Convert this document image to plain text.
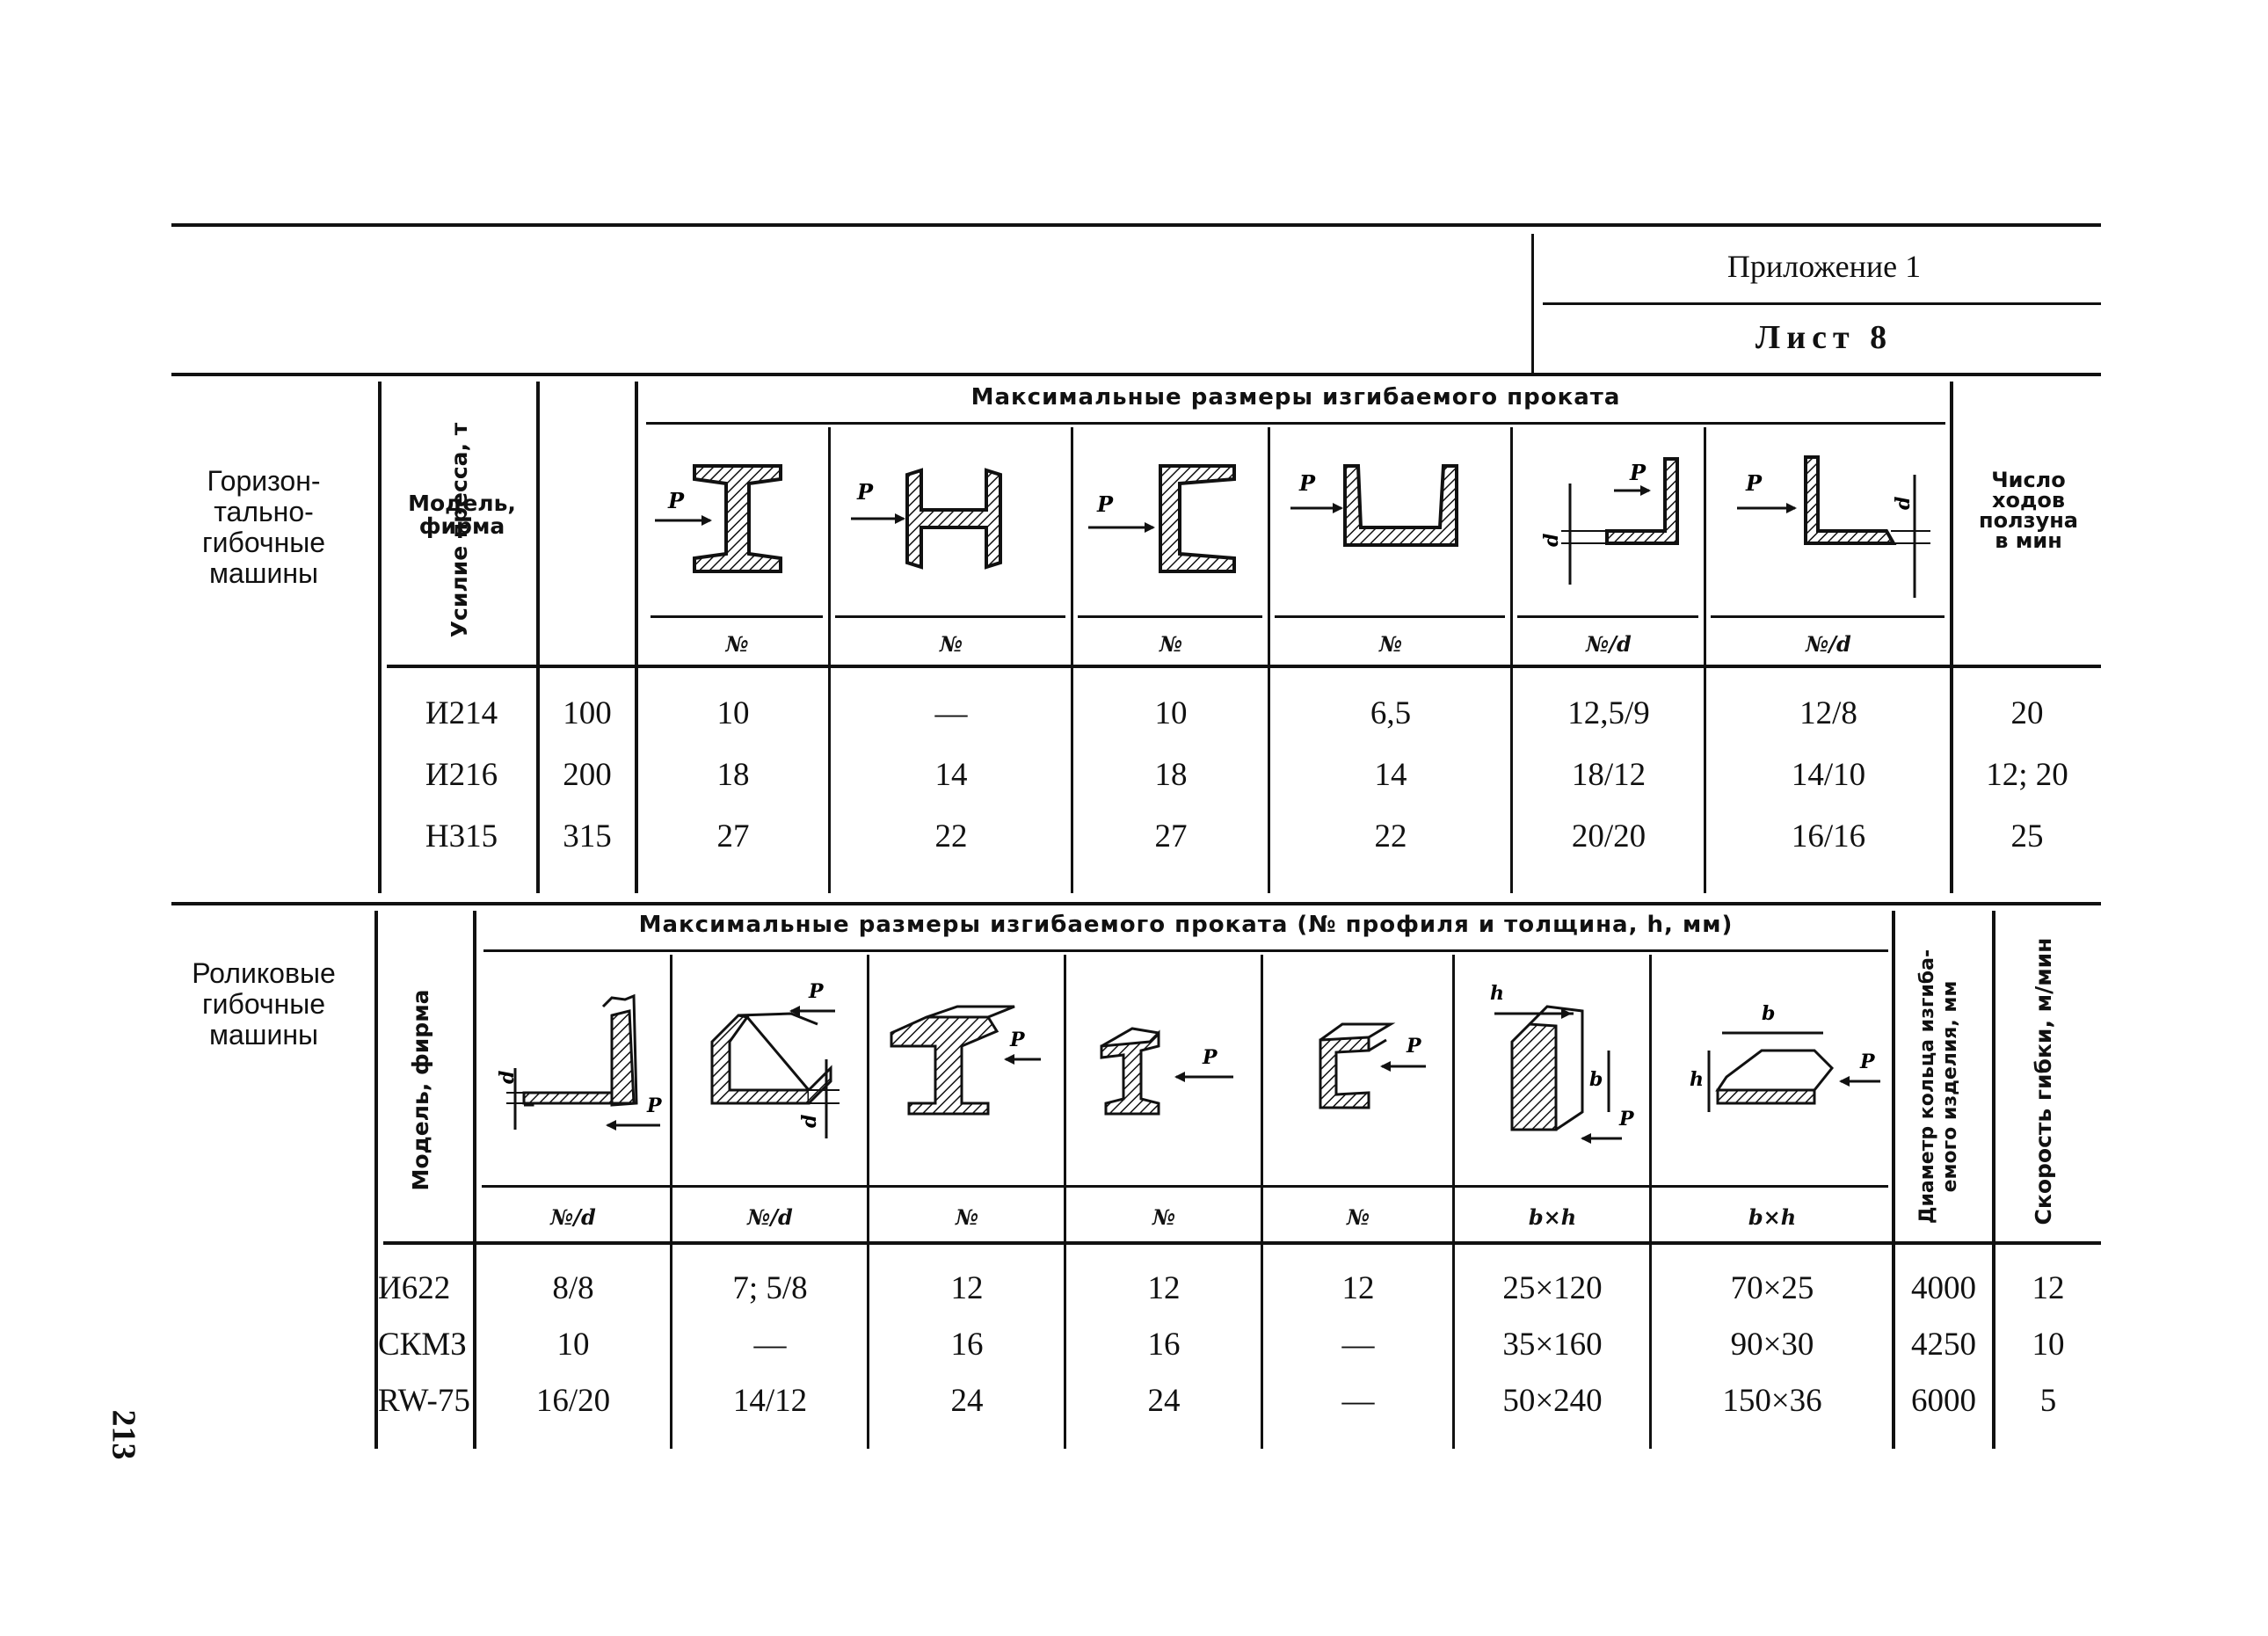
Приложение 1
Лист 8
Горизон-
тально-
гибочные
машины
Модель,
фирма
Усилие пресса, т
Максимальные размеры изгибаемого проката
Число
ходов
ползуна
в мин
№	№	№	№	№/d	№/d
P	P	P
P	P
d
P
d
И214	100	10	—	10	6,5	12,5/9	12/8	20
И216	200	18	14	18	14	18/12	14/10	12; 20
Н315	315	27	22	27	22	20/20	16/16	25
Роликовые
гибочные
машины	Модель, фирма
Максимальные размеры изгибаемого проката (№ профиля и толщина, h, мм)
Диаметр кольца изгиба-
емого изделия, мм	Скорость гибки, м/мин
№/d	№/d	№	№	№	b×h	b×h
d
P
P
d
P
P	P
h
b
P
h
b
P
И622	8/8	7; 5/8	12	12	12	25×120	70×25	4000	12
СКМЗ	10	—	16	16	—	35×160	90×30	4250	10
RW-75	16/20	14/12	24	24	—	50×240	150×36	6000	5
213
